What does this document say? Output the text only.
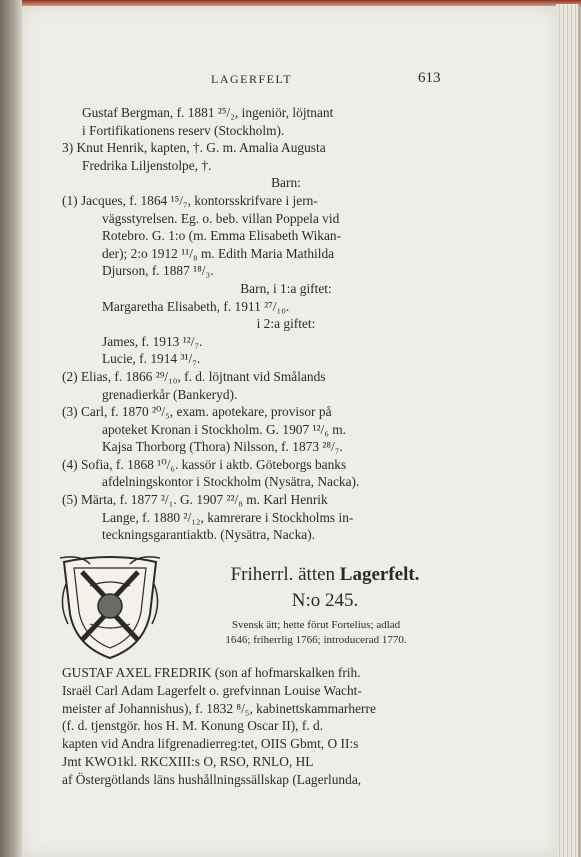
LAGERFELT	613
Gustaf Bergman, f. 1881 ²⁵/₂, ingeniör, löjtnant
i Fortifikationens reserv (Stockholm).
3) Knut Henrik, kapten, †. G. m. Amalia Augusta
Fredrika Liljenstolpe, †.
Barn:
(1) Jacques, f. 1864 ¹⁵/₇, kontorsskrifvare i jern-
vägsstyrelsen. Eg. o. beb. villan Poppela vid
Rotebro. G. 1:o (m. Emma Elisabeth Wikan-
der); 2:o 1912 ¹¹/₈ m. Edith Maria Mathilda
Djurson, f. 1887 ¹⁸/₃.
Barn, i 1:a giftet:
Margaretha Elisabeth, f. 1911 ²⁷/₁₀.
i 2:a giftet:
James, f. 1913 ¹²/₇.
Lucie, f. 1914 ³¹/₇.
(2) Elias, f. 1866 ²⁹/₁₀, f. d. löjtnant vid Smålands
grenadierkår (Bankeryd).
(3) Carl, f. 1870 ²⁰/₅, exam. apotekare, provisor på
apoteket Kronan i Stockholm. G. 1907 ¹²/₆ m.
Kajsa Thorborg (Thora) Nilsson, f. 1873 ²⁸/₇.
(4) Sofia, f. 1868 ¹⁰/₆. kassör i aktb. Göteborgs banks
afdelningskontor i Stockholm (Nysätra, Nacka).
(5) Märta, f. 1877 ²/₁. G. 1907 ²²/₈ m. Karl Henrik
Lange, f. 1880 ²/₁₂, kamrerare i Stockholms in-
teckningsgarantiaktb. (Nysätra, Nacka).
Friherrl. ätten Lagerfelt.
N:o 245.
Svensk ätt; hette förut Fortelius; adlad
1646; friherrlig 1766; introducerad 1770.
GUSTAF AXEL FREDRIK (son af hofmarskalken frih.
Israël Carl Adam Lagerfelt o. grefvinnan Louise Wacht-
meister af Johannishus), f. 1832 ⁸/₅, kabinettskammarherre
(f. d. tjenstgör. hos H. M. Konung Oscar II), f. d.
kapten vid Andra lifgrenadierreg:tet, OIIS Gbmt, O II:s
Jmt KWO1kl. RKCXIII:s O, RSO, RNLO, HL
af Östergötlands läns hushållningssällskap (Lagerlunda,
